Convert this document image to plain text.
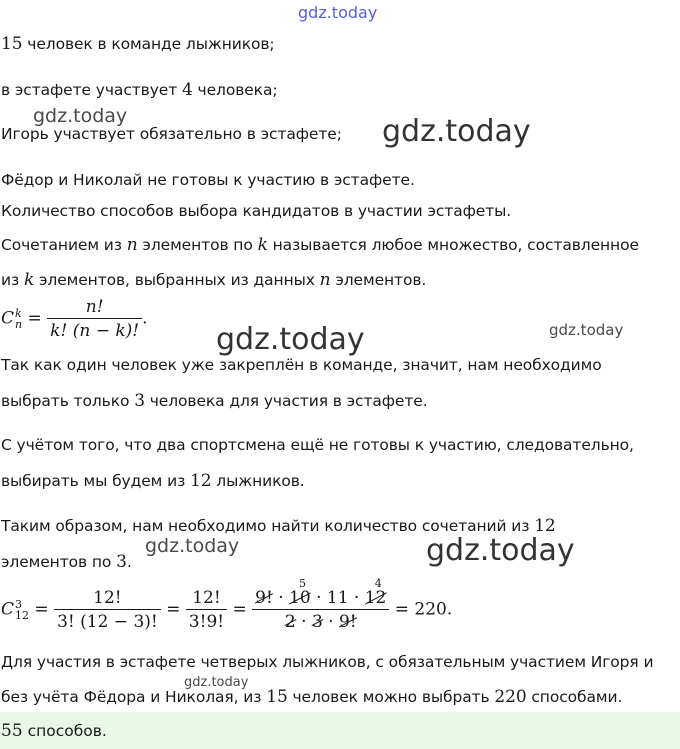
gdz.today
gdz.today	gdz.today
gdz.today	gdz.today
gdz.today	gdz.today
gdz.today
15 человек в команде лыжников;
в эстафете участвует 4 человека;
Игорь участвует обязательно в эстафете;
Фёдор и Николай не готовы к участию в эстафете.
Количество способов выбора кандидатов в участии эстафеты.
Сочетанием из n элементов по k называется любое множество, составленное
из k элементов, выбранных из данных n элементов.
C k
$n = \frac{n!}{k! (n - k)!}$ .
Так как один человек уже закреплён в команде, значит, нам необходимо
выбрать только 3 человека для участия в эстафете.
С учётом того, что два спортсмена ещё не готовы к участию, следовательно,
выбирать мы будем из 12 лыжников.
Таким образом, нам необходимо найти количество сочетаний из 12
элементов по 3.
C 3
$12 = \frac{12!}{3! (12 - 3)!} = \frac{12!}{3!9!} = 9$! ·
5
10 · 11 ·
4
12
2 · 3 · 9! = 220.
Для участия в эстафете четверых лыжников, с обязательным участием Игоря и
без учёта Фёдора и Николая, из 15 человек можно выбрать 220 способами.
55 способов.
